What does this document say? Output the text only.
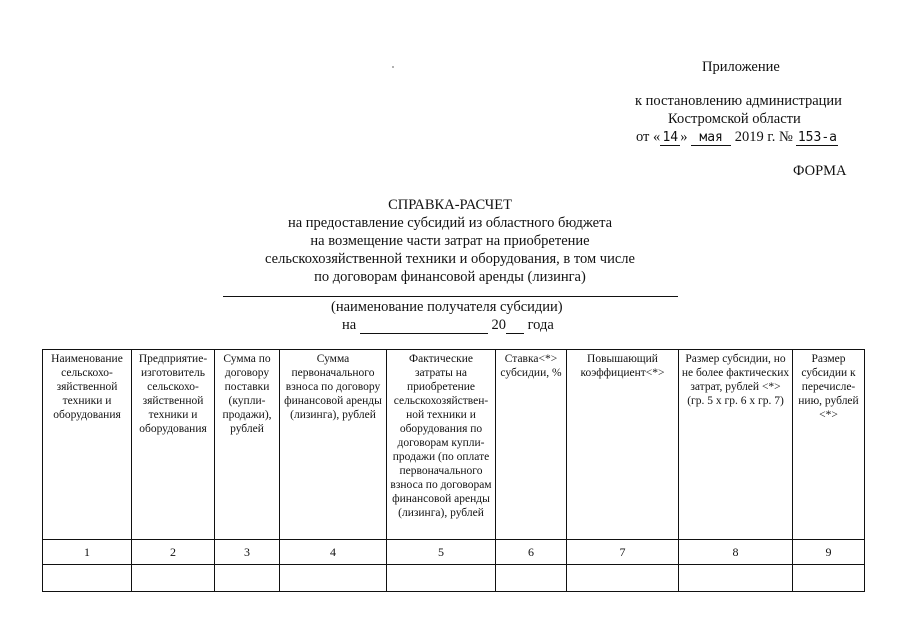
Приложение
к постановлению администрации
Костромской области
от « 14 » мая 2019 г. № 153-а
ФОРМА
СПРАВКА-РАСЧЕТ
на предоставление субсидий из областного бюджета
на возмещение части затрат на приобретение
сельскохозяйственной техники и оборудования, в том числе
по договорам финансовой аренды (лизинга)
(наименование получателя субсидии)
на	20 года
Наименование сельскохо-зяйственной техники и оборудования	Предприятие-изготовитель сельскохо-зяйственной техники и оборудования	Сумма по договору поставки (купли-продажи), рублей	Сумма первоначального взноса по договору финансовой аренды (лизинга), рублей	Фактические затраты на приобретение сельскохозяйствен-ной техники и оборудования по договорам купли-продажи (по оплате первоначального взноса по договорам финансовой аренды (лизинга), рублей	Ставка<*> субсидии, %	Повышающий коэффициент<*>	Размер субсидии, но не более фактических затрат, рублей <*> (гр. 5 x гр. 6 x гр. 7)	Размер субсидии к перечисле-нию, рублей <*>
1	2	3	4	5	6	7	8	9
